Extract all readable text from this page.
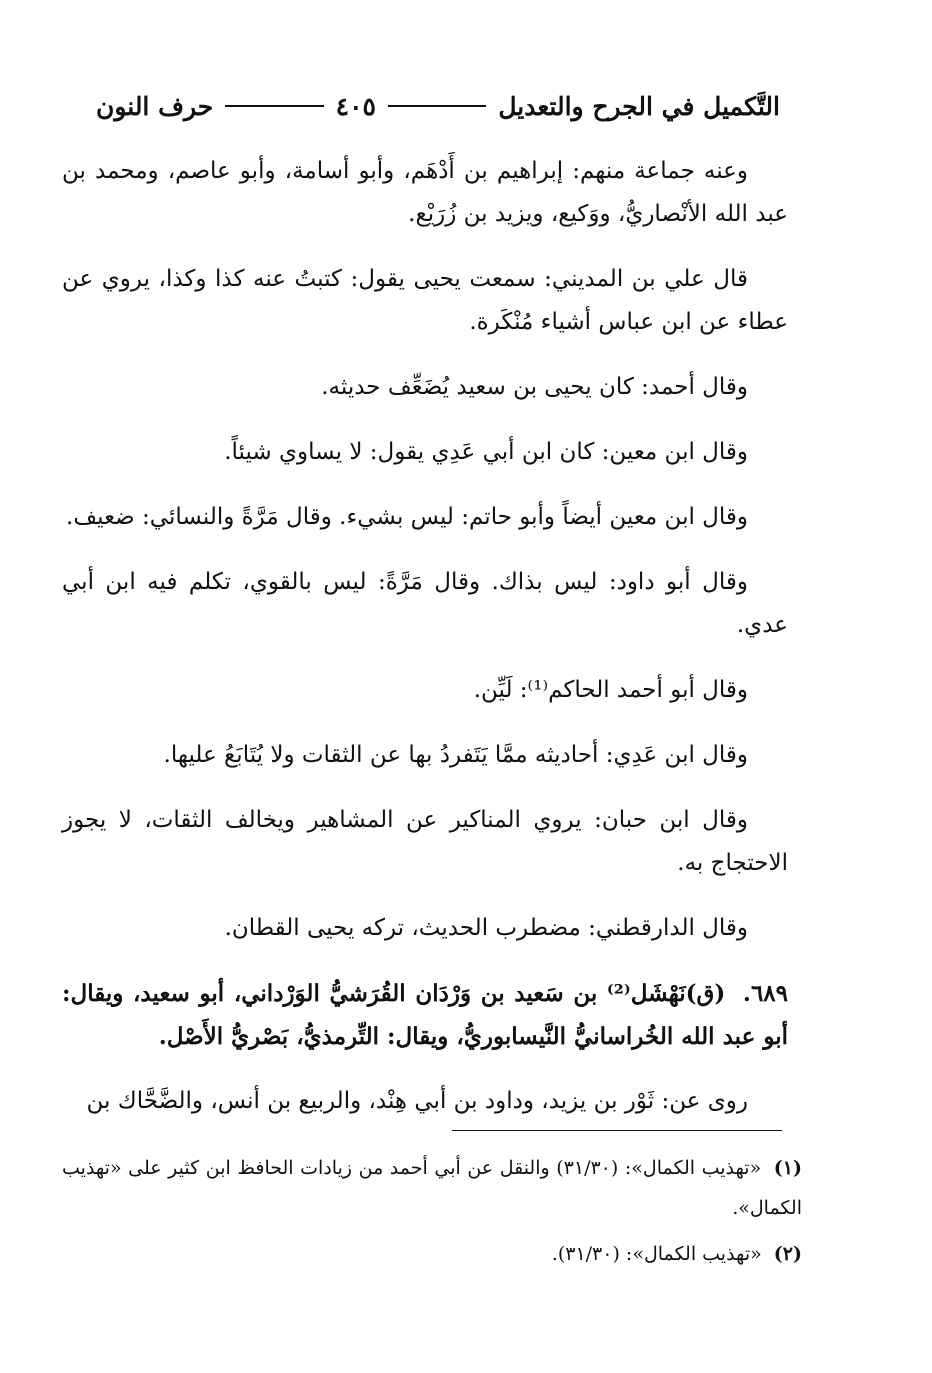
التَّكميل في الجرح والتعديل
٤٠٥
حرف النون

وعنه جماعة منهم: إبراهيم بن أَدْهَم، وأبو أسامة، وأبو عاصم، ومحمد بن عبد الله الأنْصاريُّ، ووَكيع، ويزيد بن زُرَيْع.

قال علي بن المديني: سمعت يحيى يقول: كتبتُ عنه كذا وكذا، يروي عن عطاء عن ابن عباس أشياء مُنْكَرة.

وقال أحمد: كان يحيى بن سعيد يُضَعِّف حديثه.

وقال ابن معين: كان ابن أبي عَدِي يقول: لا يساوي شيئاً.

وقال ابن معين أيضاً وأبو حاتم: ليس بشيء. وقال مَرَّةً والنسائي: ضعيف.

وقال أبو داود: ليس بذاك. وقال مَرَّةً: ليس بالقوي، تكلم فيه ابن أبي عدي.

وقال أبو أحمد الحاكم⁽¹⁾: لَيِّن.

وقال ابن عَدِي: أحاديثه ممَّا يَتَفردُ بها عن الثقات ولا يُتَابَعُ عليها.

وقال ابن حبان: يروي المناكير عن المشاهير ويخالف الثقات، لا يجوز الاحتجاج به.

وقال الدارقطني: مضطرب الحديث، تركه يحيى القطان.

٦٨٩. (ق)نَهْشَل⁽²⁾ بن سَعيد بن وَرْدَان القُرَشيُّ الوَرْداني، أبو سعيد، ويقال: أبو عبد الله الخُراسانيُّ النَّيسابوريُّ، ويقال: التِّرمذيُّ، بَصْريُّ الأَصْل.

روى عن: ثَوْر بن يزيد، وداود بن أبي هِنْد، والربيع بن أنس، والضَّحَّاك بن

(١) «تهذيب الكمال»: (٣١/٣٠) والنقل عن أبي أحمد من زيادات الحافظ ابن كثير على «تهذيب الكمال».

(٢) «تهذيب الكمال»: (٣١/٣٠).
